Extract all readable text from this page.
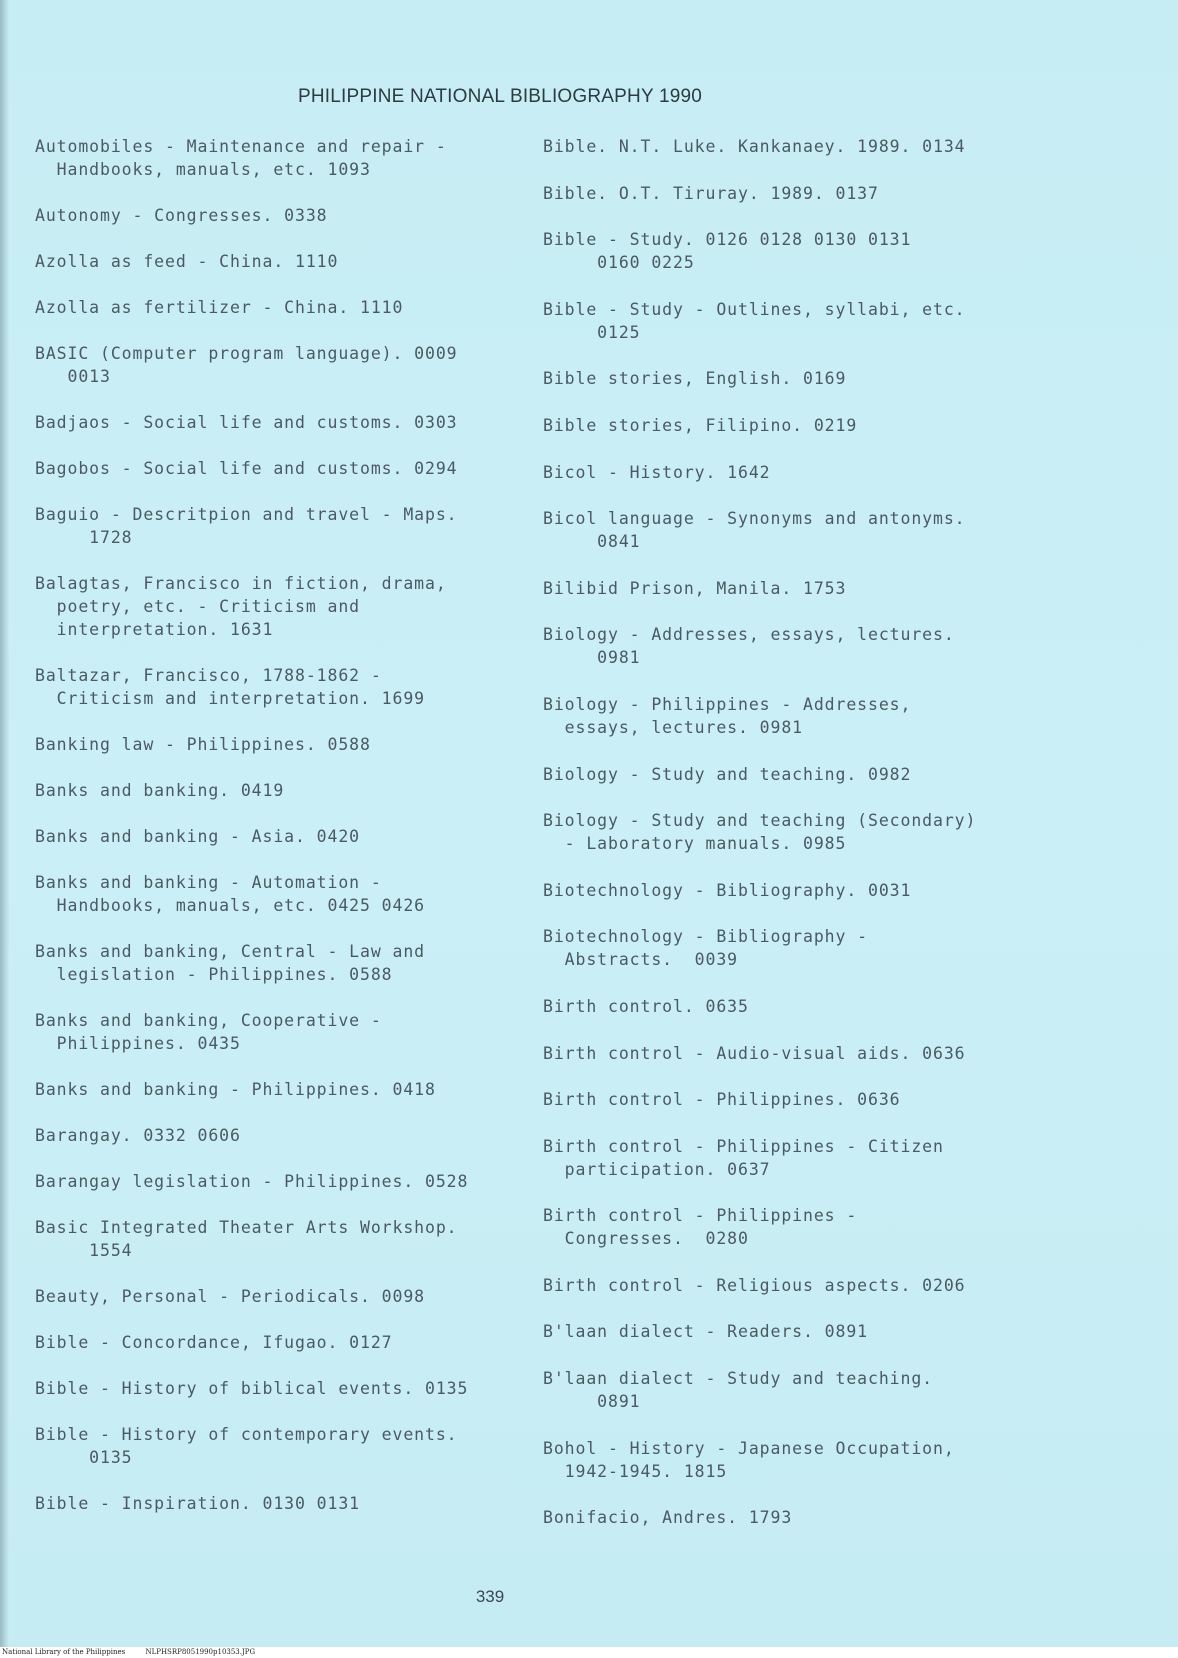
PHILIPPINE NATIONAL BIBLIOGRAPHY 1990

Automobiles - Maintenance and repair -
Handbooks, manuals, etc. 1093

Autonomy - Congresses. 0338

Azolla as feed - China. 1110

Azolla as fertilizer - China. 1110

BASIC (Computer program language). 0009
0013

Badjaos - Social life and customs. 0303

Bagobos - Social life and customs. 0294

Baguio - Descritpion and travel - Maps.
1728

Balagtas, Francisco in fiction, drama,
poetry, etc. - Criticism and
interpretation. 1631

Baltazar, Francisco, 1788-1862 -
Criticism and interpretation. 1699

Banking law - Philippines. 0588

Banks and banking. 0419

Banks and banking - Asia. 0420

Banks and banking - Automation -
Handbooks, manuals, etc. 0425 0426

Banks and banking, Central - Law and
legislation - Philippines. 0588

Banks and banking, Cooperative -
Philippines. 0435

Banks and banking - Philippines. 0418

Barangay. 0332 0606

Barangay legislation - Philippines. 0528

Basic Integrated Theater Arts Workshop.
1554

Beauty, Personal - Periodicals. 0098

Bible - Concordance, Ifugao. 0127

Bible - History of biblical events. 0135

Bible - History of contemporary events.
0135

Bible - Inspiration. 0130 0131

Bible. N.T. Luke. Kankanaey. 1989. 0134

Bible. O.T. Tiruray. 1989. 0137

Bible - Study. 0126 0128 0130 0131
0160 0225

Bible - Study - Outlines, syllabi, etc.
0125

Bible stories, English. 0169

Bible stories, Filipino. 0219

Bicol - History. 1642

Bicol language - Synonyms and antonyms.
0841

Bilibid Prison, Manila. 1753

Biology - Addresses, essays, lectures.
0981

Biology - Philippines - Addresses,
essays, lectures. 0981

Biology - Study and teaching. 0982

Biology - Study and teaching (Secondary)
- Laboratory manuals. 0985

Biotechnology - Bibliography. 0031

Biotechnology - Bibliography -
Abstracts.  0039

Birth control. 0635

Birth control - Audio-visual aids. 0636

Birth control - Philippines. 0636

Birth control - Philippines - Citizen
participation. 0637

Birth control - Philippines -
Congresses.  0280

Birth control - Religious aspects. 0206

B'laan dialect - Readers. 0891

B'laan dialect - Study and teaching.
0891

Bohol - History - Japanese Occupation,
1942-1945. 1815

Bonifacio, Andres. 1793

339
National Library of the Philippines	NLPHSRP8051990p10353.JPG
